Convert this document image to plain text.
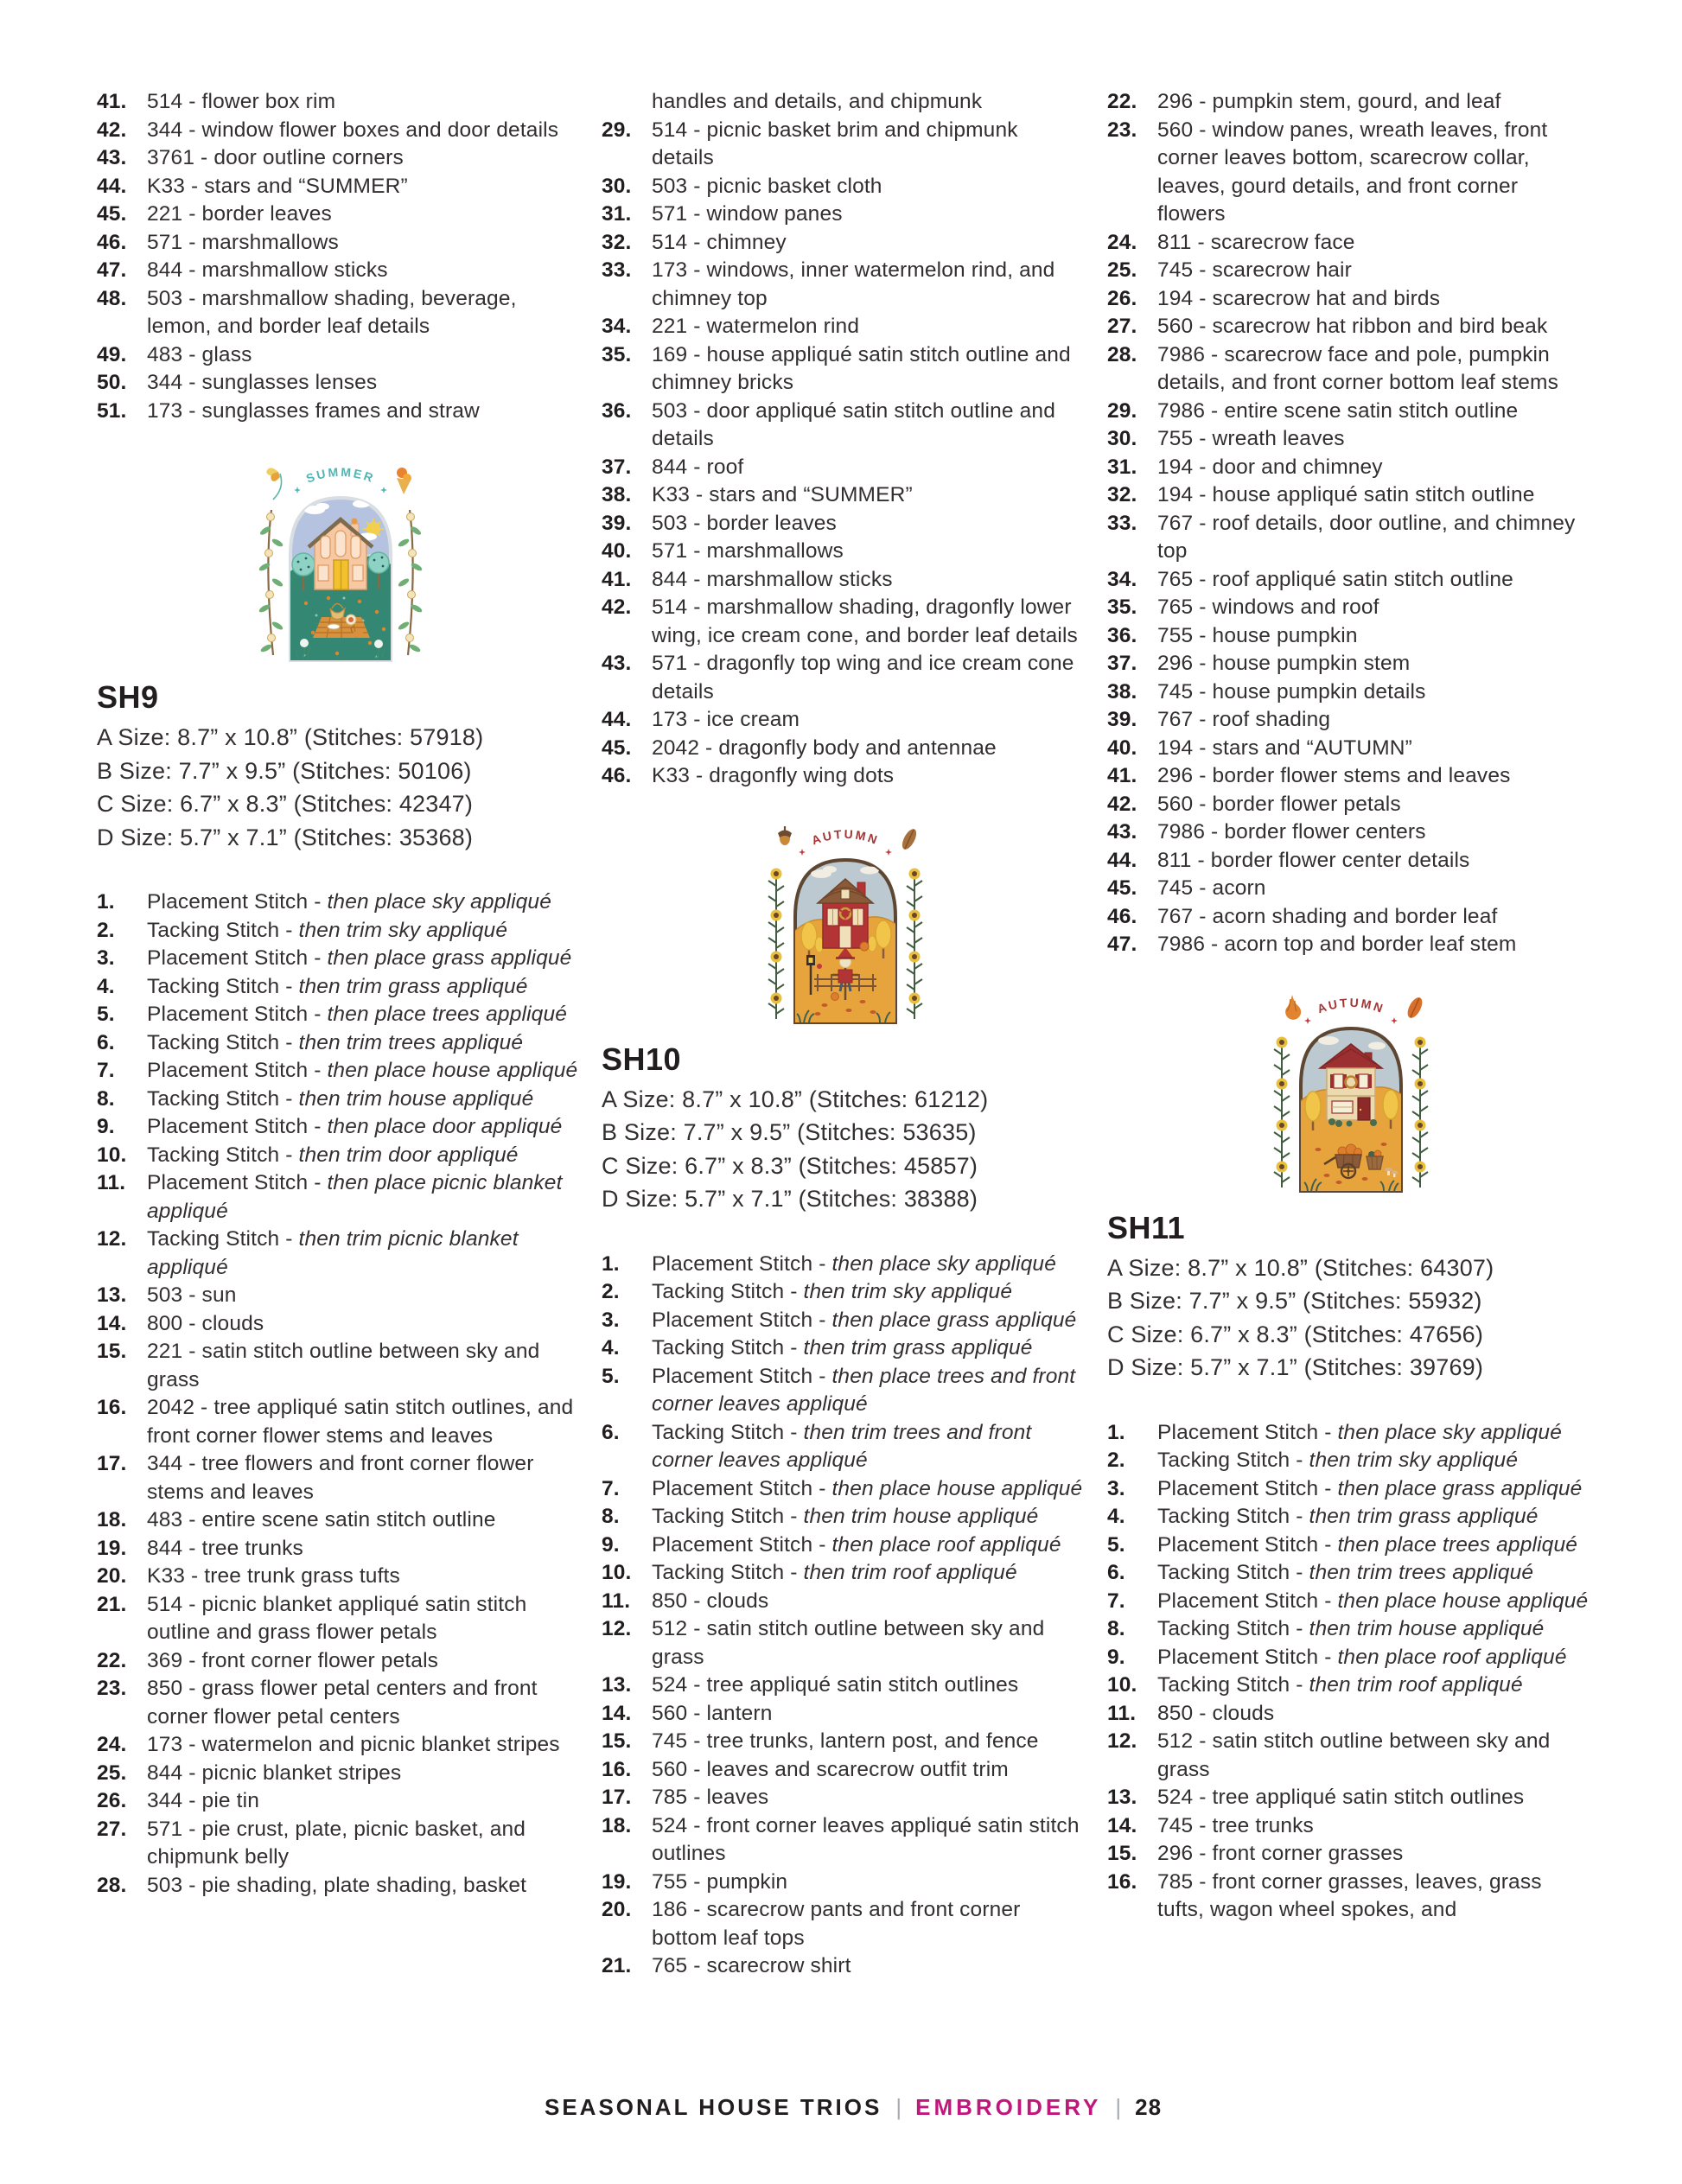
41. 514 - flower box rim
42. 344 - window flower boxes and door details
43. 3761 - door outline corners
44. K33 - stars and “SUMMER”
45. 221 - border leaves
46. 571 - marshmallows
47. 844 - marshmallow sticks
48. 503 - marshmallow shading, beverage, lemon, and border leaf details
49. 483 - glass
50. 344 - sunglasses lenses
51. 173 - sunglasses frames and straw
SUMMER
SH9
A Size: 8.7” x 10.8” (Stitches: 57918)
B Size: 7.7” x 9.5” (Stitches: 50106)
C Size: 6.7” x 8.3” (Stitches: 42347)
D Size: 5.7” x 7.1” (Stitches: 35368)
1.	Placement Stitch - then place sky appliqué
2.	Tacking Stitch - then trim sky appliqué
3.	Placement Stitch - then place grass appliqué
4.	Tacking Stitch - then trim grass appliqué
5.	Placement Stitch - then place trees appliqué
6.	Tacking Stitch - then trim trees appliqué
7.	Placement Stitch - then place house appliqué
8.	Tacking Stitch - then trim house appliqué
9.	Placement Stitch - then place door appliqué
10. Tacking Stitch - then trim door appliqué
11.	Placement Stitch - then place picnic blanket appliqué
12. Tacking Stitch - then trim picnic blanket appliqué
13. 503 - sun
14. 800 - clouds
15. 221 - satin stitch outline between sky and grass
16. 2042 - tree appliqué satin stitch outlines, and front corner flower stems and leaves
17. 344 - tree flowers and front corner flower stems and leaves
18. 483 - entire scene satin stitch outline
19. 844 - tree trunks
20. K33 - tree trunk grass tufts
21. 514 - picnic blanket appliqué satin stitch outline and grass flower petals
22. 369 - front corner flower petals
23. 850 - grass flower petal centers and front corner flower petal centers
24. 173 - watermelon and picnic blanket stripes
25. 844 - picnic blanket stripes
26. 344 - pie tin
27. 571 - pie crust, plate, picnic basket, and chipmunk belly
28. 503 - pie shading, plate shading, basket
handles and details, and chipmunk
29. 514 - picnic basket brim and chipmunk details
30. 503 - picnic basket cloth
31. 571 - window panes
32. 514 - chimney
33. 173 - windows, inner watermelon rind, and chimney top
34. 221 - watermelon rind
35. 169 - house appliqué satin stitch outline and chimney bricks
36. 503 - door appliqué satin stitch outline and details
37. 844 - roof
38. K33 - stars and “SUMMER”
39. 503 - border leaves
40. 571 - marshmallows
41. 844 - marshmallow sticks
42. 514 - marshmallow shading, dragonfly lower wing, ice cream cone, and border leaf details
43. 571 - dragonfly top wing and ice cream cone details
44. 173 - ice cream
45. 2042 - dragonfly body and antennae
46. K33 - dragonfly wing dots
AUTUMN
SH10
A Size: 8.7” x 10.8” (Stitches: 61212)
B Size: 7.7” x 9.5” (Stitches: 53635)
C Size: 6.7” x 8.3” (Stitches: 45857)
D Size: 5.7” x 7.1” (Stitches: 38388)
1.	Placement Stitch - then place sky appliqué
2.	Tacking Stitch - then trim sky appliqué
3.	Placement Stitch - then place grass appliqué
4.	Tacking Stitch - then trim grass appliqué
5.	Placement Stitch - then place trees and front corner leaves appliqué
6.	Tacking Stitch - then trim trees and front corner leaves appliqué
7.	Placement Stitch - then place house appliqué
8.	Tacking Stitch - then trim house appliqué
9.	Placement Stitch - then place roof appliqué
10. Tacking Stitch - then trim roof appliqué
11.	850 - clouds
12. 512 - satin stitch outline between sky and grass
13. 524 - tree appliqué satin stitch outlines
14. 560 - lantern
15. 745 - tree trunks, lantern post, and fence
16. 560 - leaves and scarecrow outfit trim
17. 785 - leaves
18. 524 - front corner leaves appliqué satin stitch outlines
19. 755 - pumpkin
20. 186 - scarecrow pants and front corner bottom leaf tops
21. 765 - scarecrow shirt
22. 296 - pumpkin stem, gourd, and leaf
23. 560 - window panes, wreath leaves, front corner leaves bottom, scarecrow collar, leaves, gourd details, and front corner flowers
24. 811 - scarecrow face
25. 745 - scarecrow hair
26. 194 - scarecrow hat and birds
27. 560 - scarecrow hat ribbon and bird beak
28. 7986 - scarecrow face and pole, pumpkin details, and front corner bottom leaf stems
29. 7986 - entire scene satin stitch outline
30. 755 - wreath leaves
31. 194 - door and chimney
32. 194 - house appliqué satin stitch outline
33. 767 - roof details, door outline, and chimney top
34. 765 - roof appliqué satin stitch outline
35. 765 - windows and roof
36. 755 - house pumpkin
37. 296 - house pumpkin stem
38. 745 - house pumpkin details
39. 767 - roof shading
40. 194 - stars and “AUTUMN”
41. 296 - border flower stems and leaves
42. 560 - border flower petals
43. 7986 - border flower centers
44. 811 - border flower center details
45. 745 - acorn
46. 767 - acorn shading and border leaf
47. 7986 - acorn top and border leaf stem
AUTUMN
SH11
A Size: 8.7” x 10.8” (Stitches: 64307)
B Size: 7.7” x 9.5” (Stitches: 55932)
C Size: 6.7” x 8.3” (Stitches: 47656)
D Size: 5.7” x 7.1” (Stitches: 39769)
1.	Placement Stitch - then place sky appliqué
2.	Tacking Stitch - then trim sky appliqué
3.	Placement Stitch - then place grass appliqué
4.	Tacking Stitch - then trim grass appliqué
5.	Placement Stitch - then place trees appliqué
6.	Tacking Stitch - then trim trees appliqué
7.	Placement Stitch - then place house appliqué
8.	Tacking Stitch - then trim house appliqué
9.	Placement Stitch - then place roof appliqué
10. Tacking Stitch - then trim roof appliqué
11.	850 - clouds
12. 512 - satin stitch outline between sky and grass
13. 524 - tree appliqué satin stitch outlines
14. 745 - tree trunks
15. 296 - front corner grasses
16. 785 - front corner grasses, leaves, grass tufts, wagon wheel spokes, and
SEASONAL HOUSE TRIOS | EMBROIDERY | 28
